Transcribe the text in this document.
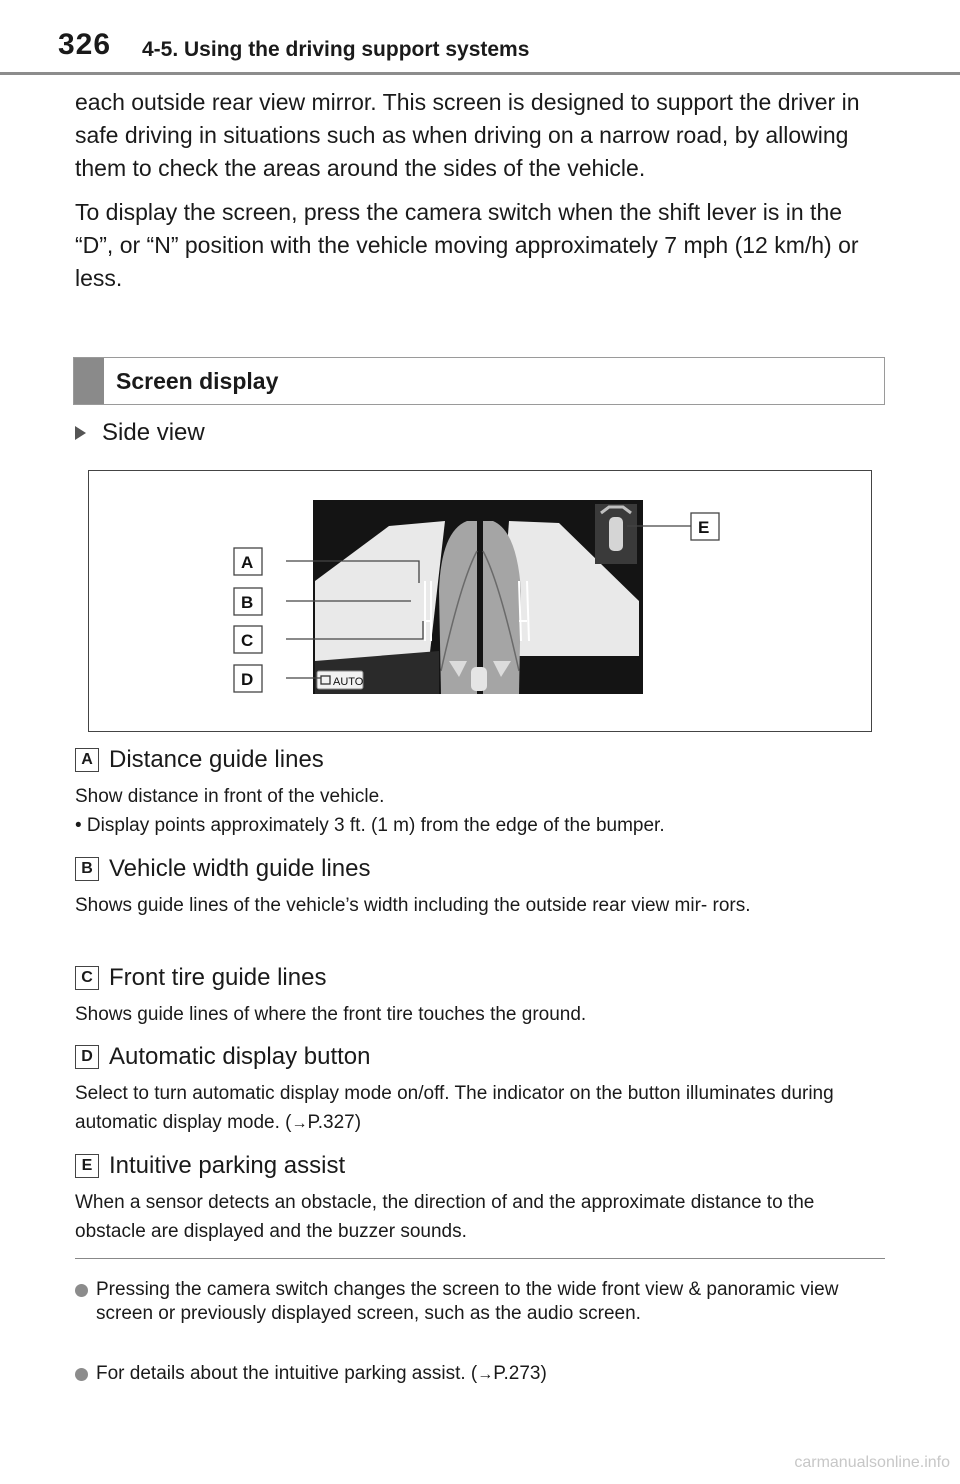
326 4-5. Using the driving support systems

each outside rear view mirror. This screen is designed to support the driver in safe driving in situations such as when driving on a narrow road, by allowing them to check the areas around the sides of the vehicle.

To display the screen, press the camera switch when the shift lever is in the “D”, or “N” position with the vehicle moving approximately 7 mph (12 km/h) or less.

Screen display
Side view
AUTO
A
B
C
D
E
A Distance guide lines

Show distance in front of the vehicle.

• Display points approximately 3 ft. (1 m) from the edge of the bumper.

B Vehicle width guide lines

Shows guide lines of the vehicle’s width including the outside rear view mir- rors.

C Front tire guide lines

Shows guide lines of where the front tire touches the ground.

D Automatic display button

Select to turn automatic display mode on/off. The indicator on the button illuminates during automatic display mode. (→P.327)

E Intuitive parking assist

When a sensor detects an obstacle, the direction of and the approximate distance to the obstacle are displayed and the buzzer sounds.

Pressing the camera switch changes the screen to the wide front view & panoramic view screen or previously displayed screen, such as the audio screen.
For details about the intuitive parking assist. (→P.273)
carmanualsonline.info
